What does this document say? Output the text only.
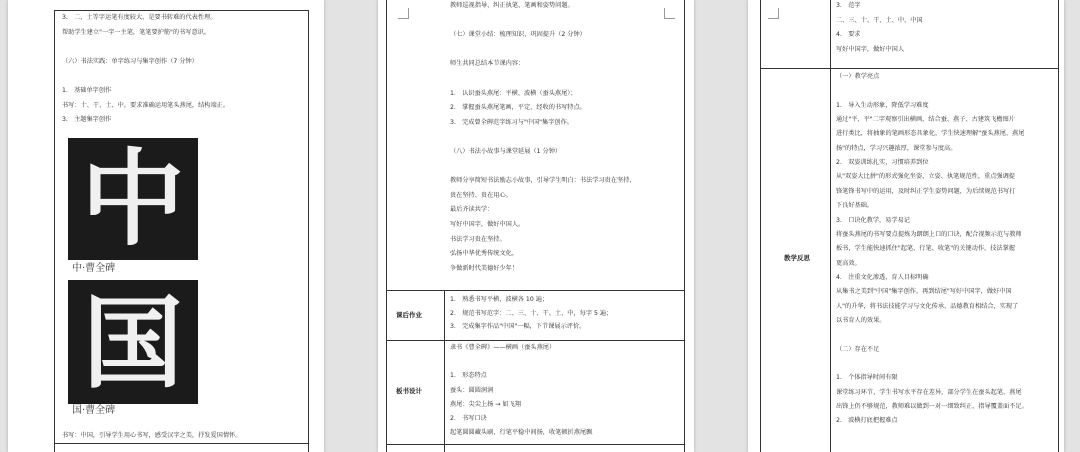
3.　二、土等字运笔有度较大，是要书转难的代表性理。
帮助学生建立"一字一主笔，笔笔要护筋"的书写意识。
（六）书法实践：单字练习与集字创作（7 分钟）
1.　基础单字创作
书写：十、干、土、中，要求准确运用笔头燕尾，结构端正。
3.　主题集字创作
中
中·曹全碑
国
国·曹全碑
书写：中国，引导学生用心书写，感受汉字之美，抒发爱国情怀。
教师巡视指导，纠正执笔、笔画和姿势问题。
（七）课堂小结：梳理知识，巩固提升（2 分钟）
师生共同总结本节课内容：
1.　认识蚕头燕尾：平横、波横（蚕头燕尾）；
2.　掌握蚕头燕尾笔画，平定、经收的书写特点。
3.　完成曾全碑范字练习与"中国"集字创作。
（八）书法小故事与课堂延展（1 分钟）
教师分享简短书法励志小故事，引导学生明白：书法学习贵在坚持，
贵在坚持、贵在用心。
最后齐读共学：
写好中国字，做好中国人。
书法学习贵在坚持。
弘扬中华优秀传统文化，
争做新时代美德好少年！
课后作业
1.　熟悉书写平横，波横各 10 遍；
2.　规范书写范字：二、三、十、干、土、中，每字 5 遍；
3.　完成集字作品"中国"一幅，下节课展示评价。
板书设计
隶书《曹全碑》——横画（蚕头燕尾）
1.　形态特点
蚕头：圆圆润润
燕尾：尖尖上扬 → 如飞翔
2.　书写口诀
起笔圆圆藏头刷，行笔平稳中间扬，收笔顿折燕尾飘
3.　范字
二、三、十、干、土、中、中国
4.　要求
写好中国字，做好中国人
教学反思
（一）教学亮点
1.　导入生动形象，降低学习难度
通过"平、平"二字观察引出横画，结合蚕、燕子、古建筑飞檐图片
进行类比，将抽象的笔画形态具象化，学生快速理解"蚕头燕尾、燕尾
扬"的特点，学习兴趣浓厚，课堂参与度高。
2.　双姿训练扎实，习惯培养到位
从"双姿大比拼"的形式强化坐姿、立姿、执笔规范性，重点强调提
锋笔锋书写中的运用，及时纠正学生姿势问题，为后续规范书写打
下良好基础。
3.　口诀化教学，易学易记
将蚕头燕尾的书写要点提炼为朗朗上口的口诀，配合视频示范与教师
板书，学生能快速抓住"起笔、行笔、收笔"的关键动作，技法掌握
更高效。
4.　注重文化渗透，育人目标明确
从集书之美到"中国"集字创作，再到结尾"写好中国字，做好中国
人"的升华，将书法技能学习与文化传承、品德教育相结合，实现了
以书育人的效果。
（二）存在不足
1.　个体指导时间有限
课堂练习环节，学生书写水平存在差异，部分学生在蚕头起笔、燕尾
出锋上仍不够规范，教师难以做到一对一细致纠正，指导覆盖面不足。
2.　波横打底把握难点
